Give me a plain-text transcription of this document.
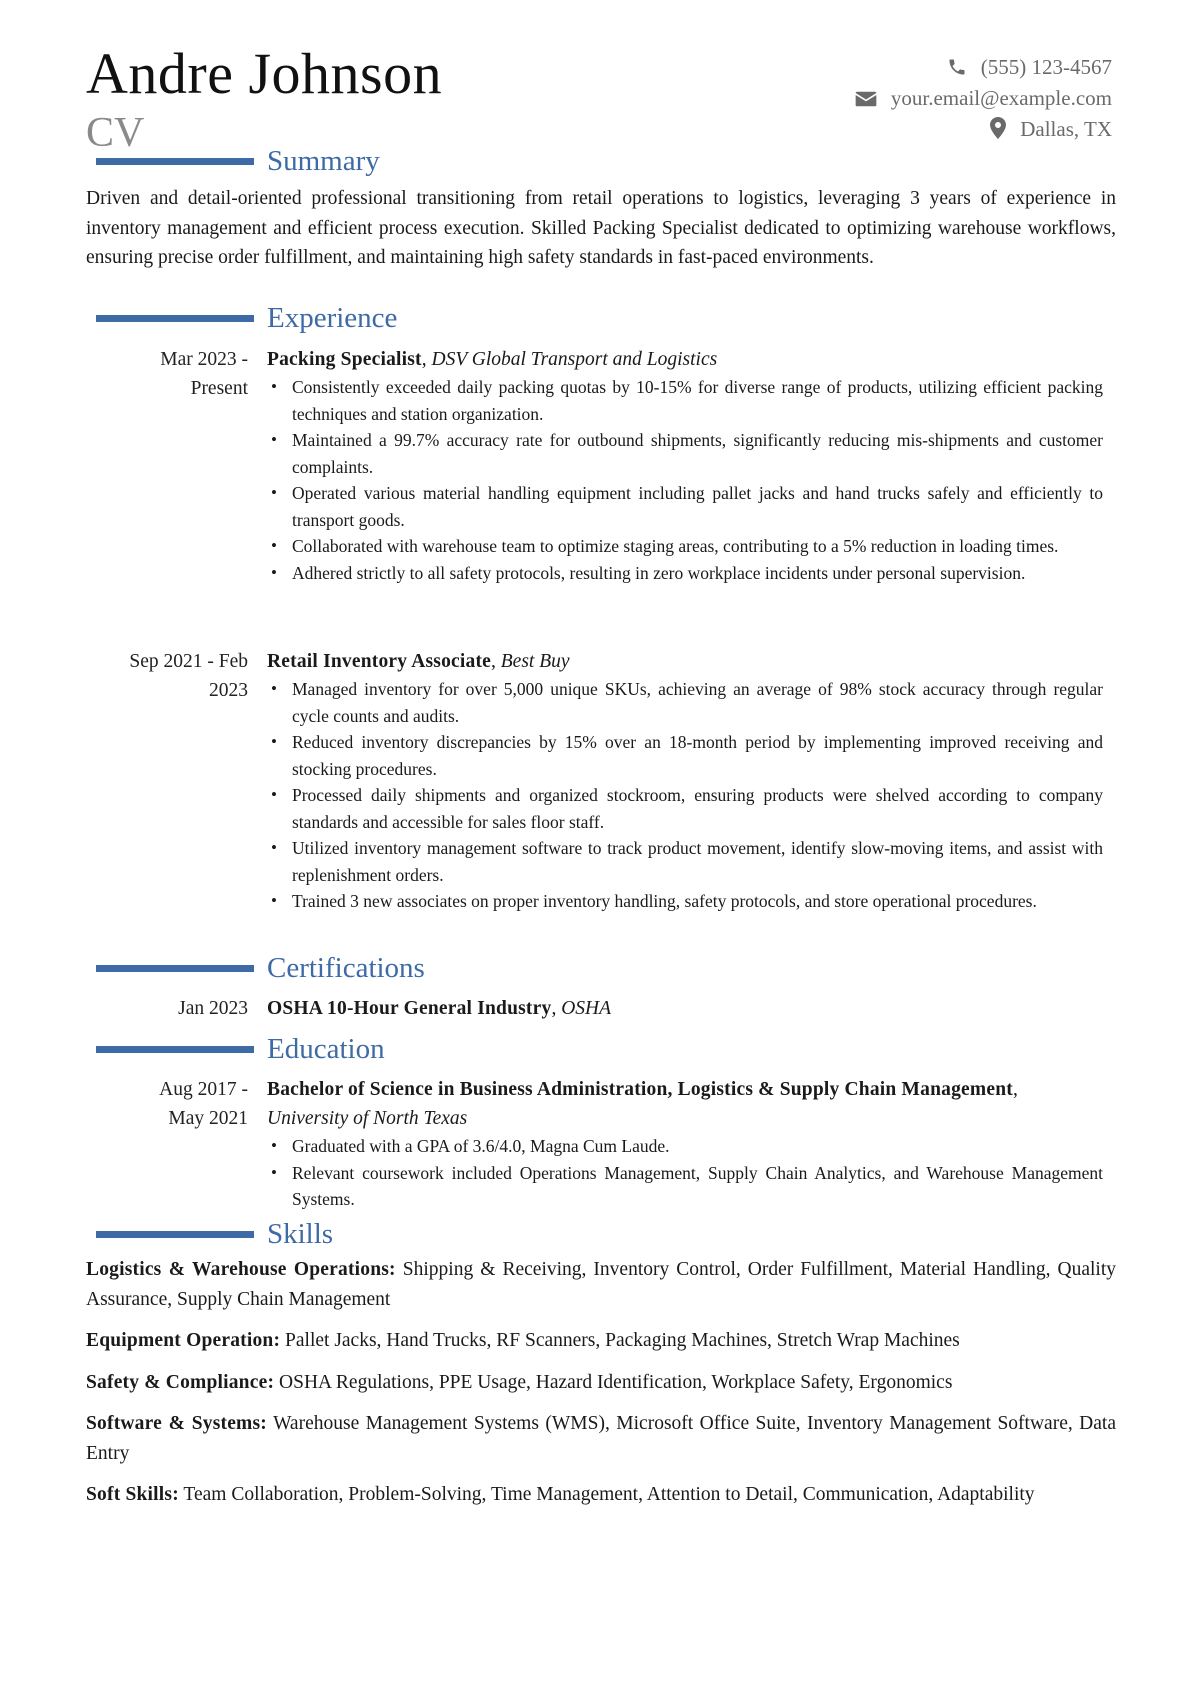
Andre Johnson
CV
(555) 123-4567
your.email@example.com
Dallas, TX
Summary
Driven and detail-oriented professional transitioning from retail operations to logistics, leveraging 3 years of experience in inventory management and efficient process execution. Skilled Packing Specialist dedicated to optimizing warehouse workflows, ensuring precise order fulfillment, and maintaining high safety standards in fast-paced environments.
Experience
Mar 2023 -
Present
Packing Specialist, DSV Global Transport and Logistics
• Consistently exceeded daily packing quotas by 10-15% for diverse range of products, utilizing efficient packing techniques and station organization.
• Maintained a 99.7% accuracy rate for outbound shipments, significantly reducing mis-shipments and customer complaints.
• Operated various material handling equipment including pallet jacks and hand trucks safely and efficiently to transport goods.
• Collaborated with warehouse team to optimize staging areas, contributing to a 5% reduction in loading times.
• Adhered strictly to all safety protocols, resulting in zero workplace incidents under personal supervision.
Sep 2021 - Feb
2023
Retail Inventory Associate, Best Buy
• Managed inventory for over 5,000 unique SKUs, achieving an average of 98% stock accuracy through regular cycle counts and audits.
• Reduced inventory discrepancies by 15% over an 18-month period by implementing improved receiving and stocking procedures.
• Processed daily shipments and organized stockroom, ensuring products were shelved according to company standards and accessible for sales floor staff.
• Utilized inventory management software to track product movement, identify slow-moving items, and assist with replenishment orders.
• Trained 3 new associates on proper inventory handling, safety protocols, and store operational procedures.
Certifications
Jan 2023 OSHA 10-Hour General Industry, OSHA
Education
Aug 2017 -
May 2021
Bachelor of Science in Business Administration, Logistics & Supply Chain Management, University of North Texas
• Graduated with a GPA of 3.6/4.0, Magna Cum Laude.
• Relevant coursework included Operations Management, Supply Chain Analytics, and Warehouse Management Systems.
Skills
Logistics & Warehouse Operations: Shipping & Receiving, Inventory Control, Order Fulfillment, Material Handling, Quality Assurance, Supply Chain Management
Equipment Operation: Pallet Jacks, Hand Trucks, RF Scanners, Packaging Machines, Stretch Wrap Machines
Safety & Compliance: OSHA Regulations, PPE Usage, Hazard Identification, Workplace Safety, Ergonomics
Software & Systems: Warehouse Management Systems (WMS), Microsoft Office Suite, Inventory Management Software, Data Entry
Soft Skills: Team Collaboration, Problem-Solving, Time Management, Attention to Detail, Communication, Adaptability
